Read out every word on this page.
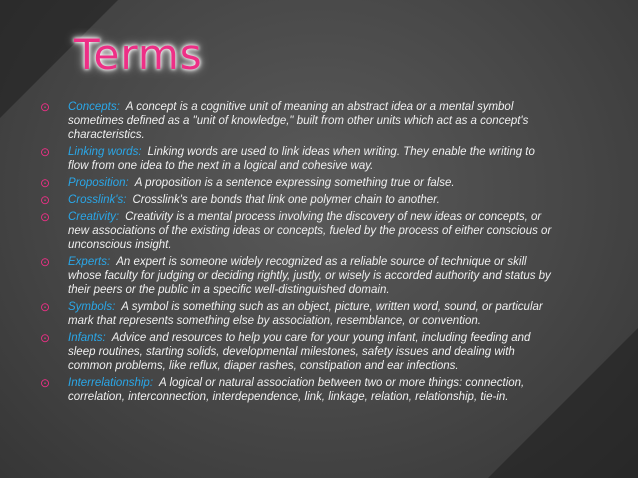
Terms
⊙ Concepts: A concept is a cognitive unit of meaning an abstract idea or a mental symbol sometimes defined as a "unit of knowledge," built from other units which act as a concept's characteristics.
⊙ Linking words: Linking words are used to link ideas when writing. They enable the writing to flow from one idea to the next in a logical and cohesive way.
⊙ Proposition: A proposition is a sentence expressing something true or false.
⊙ Crosslink's: Crosslink's are bonds that link one polymer chain to another.
⊙ Creativity: Creativity is a mental process involving the discovery of new ideas or concepts, or new associations of the existing ideas or concepts, fueled by the process of either conscious or unconscious insight.
⊙ Experts: An expert is someone widely recognized as a reliable source of technique or skill whose faculty for judging or deciding rightly, justly, or wisely is accorded authority and status by their peers or the public in a specific well-distinguished domain.
⊙ Symbols: A symbol is something such as an object, picture, written word, sound, or particular mark that represents something else by association, resemblance, or convention.
⊙ Infants: Advice and resources to help you care for your young infant, including feeding and sleep routines, starting solids, developmental milestones, safety issues and dealing with common problems, like reflux, diaper rashes, constipation and ear infections.
⊙ Interrelationship: A logical or natural association between two or more things: connection, correlation, interconnection, interdependence, link, linkage, relation, relationship, tie-in.
